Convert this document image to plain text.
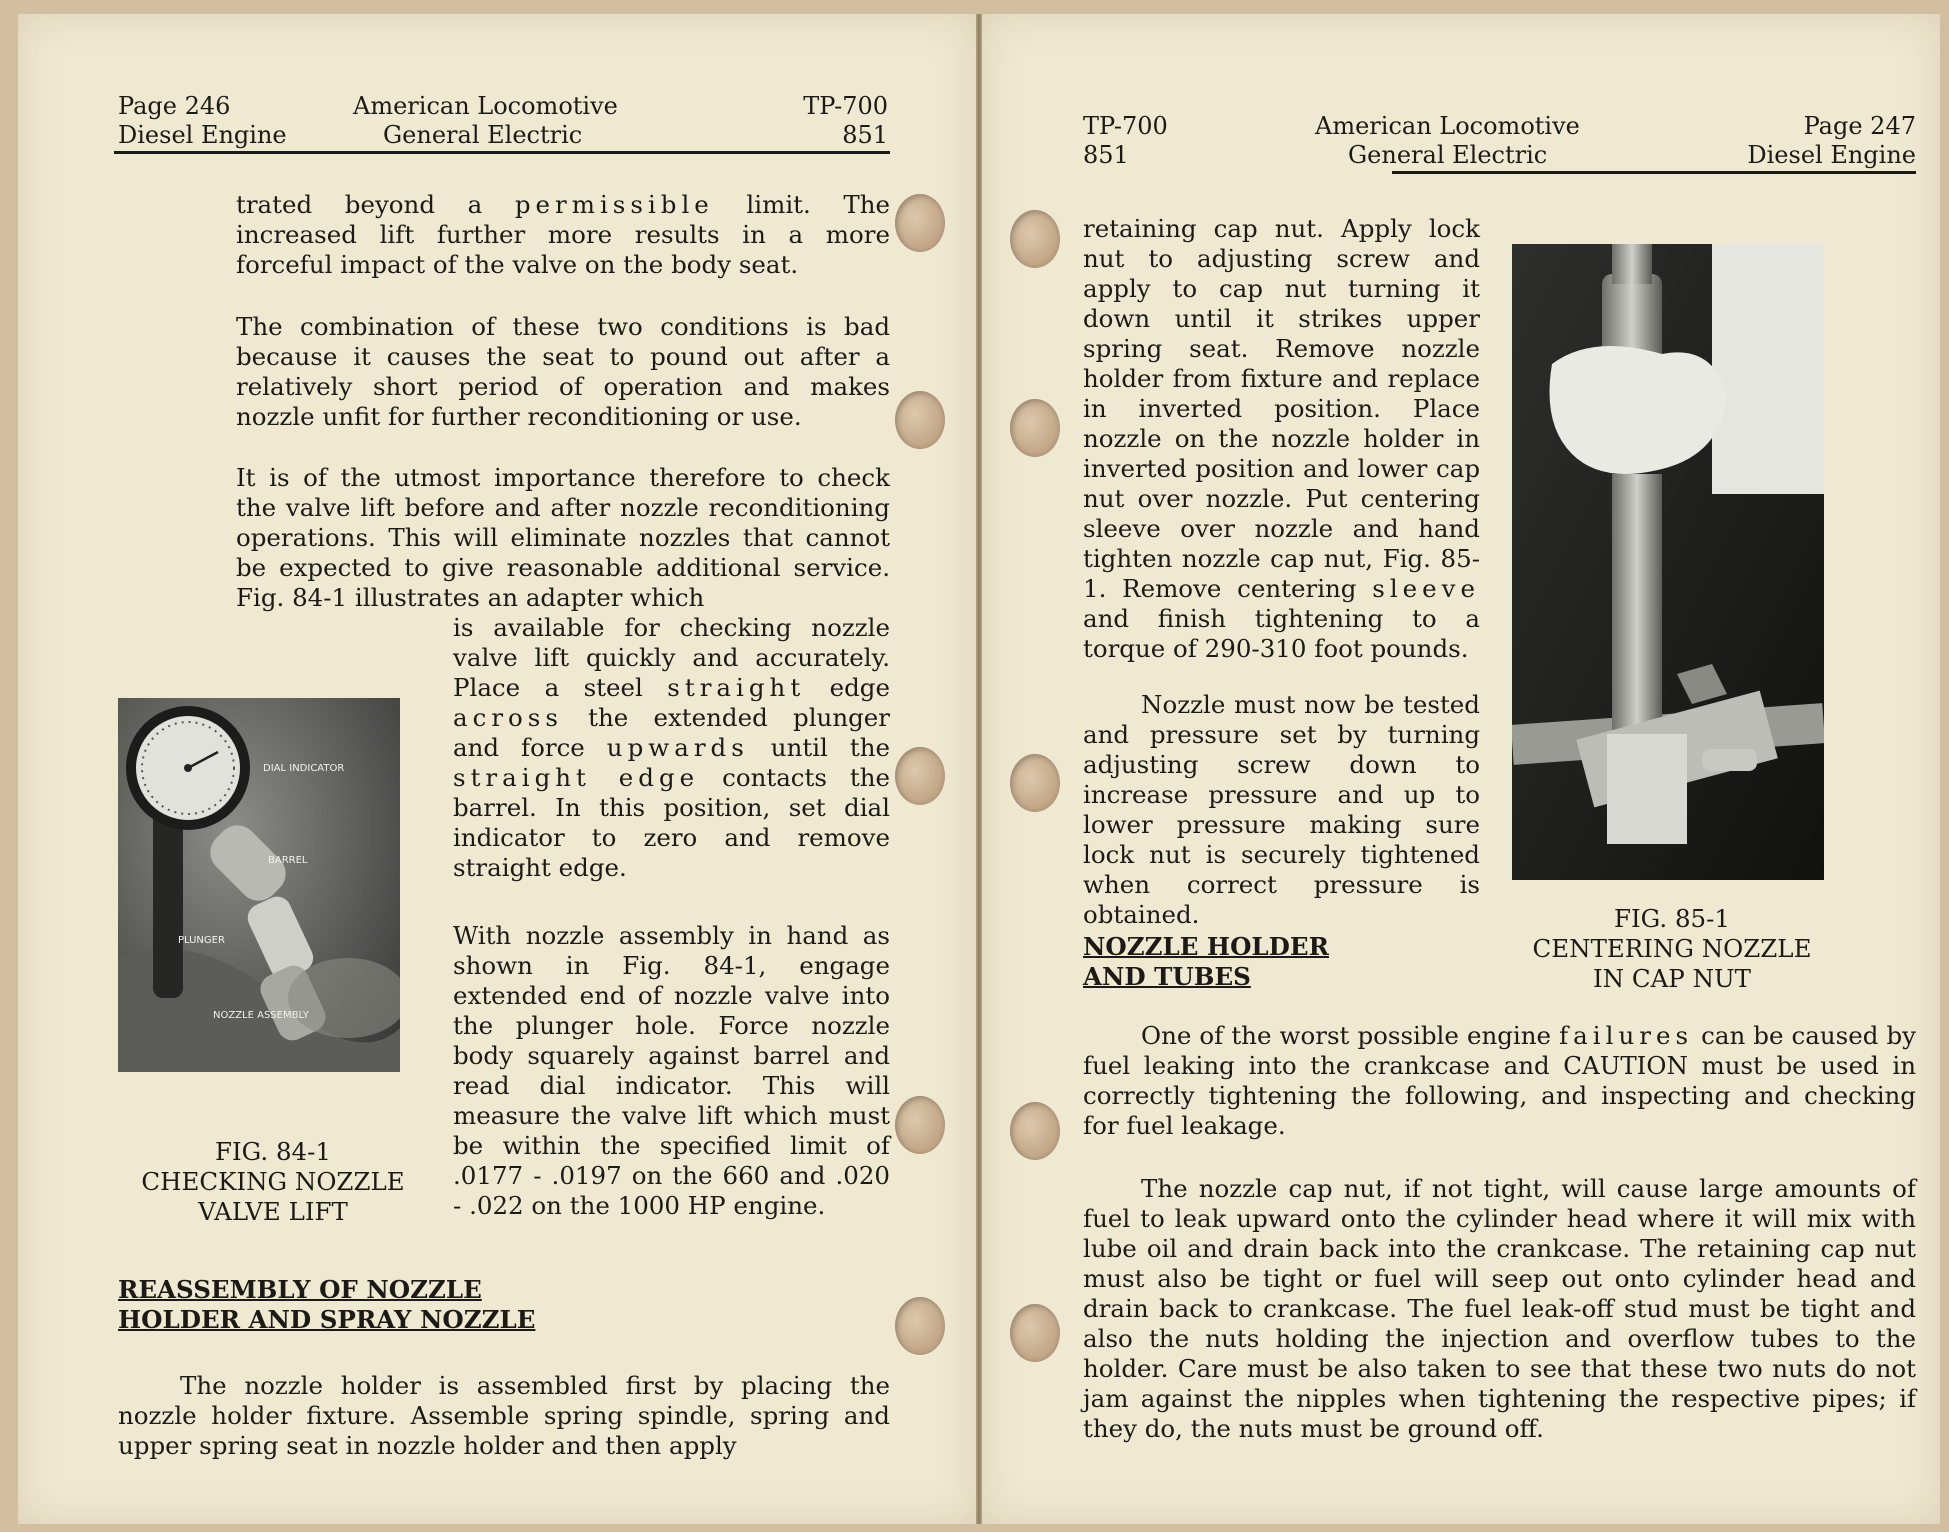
Page 246
Diesel Engine
American Locomotive
General Electric
TP-700
851

trated beyond a permissible limit. The increased lift further more results in a more forceful impact of the valve on the body seat.

The combination of these two conditions is bad because it causes the seat to pound out after a relatively short period of operation and makes nozzle unfit for further reconditioning or use.

It is of the utmost importance therefore to check the valve lift before and after nozzle reconditioning operations. This will eliminate nozzles that cannot be expected to give reasonable additional service. Fig. 84-1 illustrates an adapter which

is available for checking nozzle valve lift quickly and accurately. Place a steel straight edge across the extended plunger and force upwards until the straight edge contacts the barrel. In this position, set dial indicator to zero and remove straight edge.

With nozzle assembly in hand as shown in Fig. 84-1, engage extended end of nozzle valve into the plunger hole. Force nozzle body squarely against barrel and read dial indicator. This will measure the valve lift which must be within the specified limit of .0177 - .0197 on the 660 and .020 - .022 on the 1000 HP engine.

DIAL INDICATOR
BARREL
PLUNGER
NOZZLE ASSEMBLY

FIG. 84-1
CHECKING NOZZLE
VALVE LIFT

REASSEMBLY OF NOZZLE
HOLDER AND SPRAY NOZZLE

The nozzle holder is assembled first by placing the nozzle holder fixture. Assemble spring spindle, spring and upper spring seat in nozzle holder and then apply

TP-700
851
American Locomotive
General Electric
Page 247
Diesel Engine

retaining cap nut. Apply lock nut to adjusting screw and apply to cap nut turning it down until it strikes upper spring seat. Remove nozzle holder from fixture and replace in inverted position. Place nozzle on the nozzle holder in inverted position and lower cap nut over nozzle. Put centering sleeve over nozzle and hand tighten nozzle cap nut, Fig. 85-1. Remove centering sleeve and finish tightening to a torque of 290-310 foot pounds.

Nozzle must now be tested and pressure set by turning adjusting screw down to increase pressure and up to lower pressure making sure lock nut is securely tightened when correct pressure is obtained.	FIG. 85-1
CENTERING NOZZLE
IN CAP NUT

NOZZLE HOLDER
AND TUBES

One of the worst possible engine failures can be caused by fuel leaking into the crankcase and CAUTION must be used in correctly tightening the following, and inspecting and checking for fuel leakage.

The nozzle cap nut, if not tight, will cause large amounts of fuel to leak upward onto the cylinder head where it will mix with lube oil and drain back into the crankcase. The retaining cap nut must also be tight or fuel will seep out onto cylinder head and drain back to crankcase. The fuel leak-off stud must be tight and also the nuts holding the injection and overflow tubes to the holder. Care must be also taken to see that these two nuts do not jam against the nipples when tightening the respective pipes; if they do, the nuts must be ground off.
